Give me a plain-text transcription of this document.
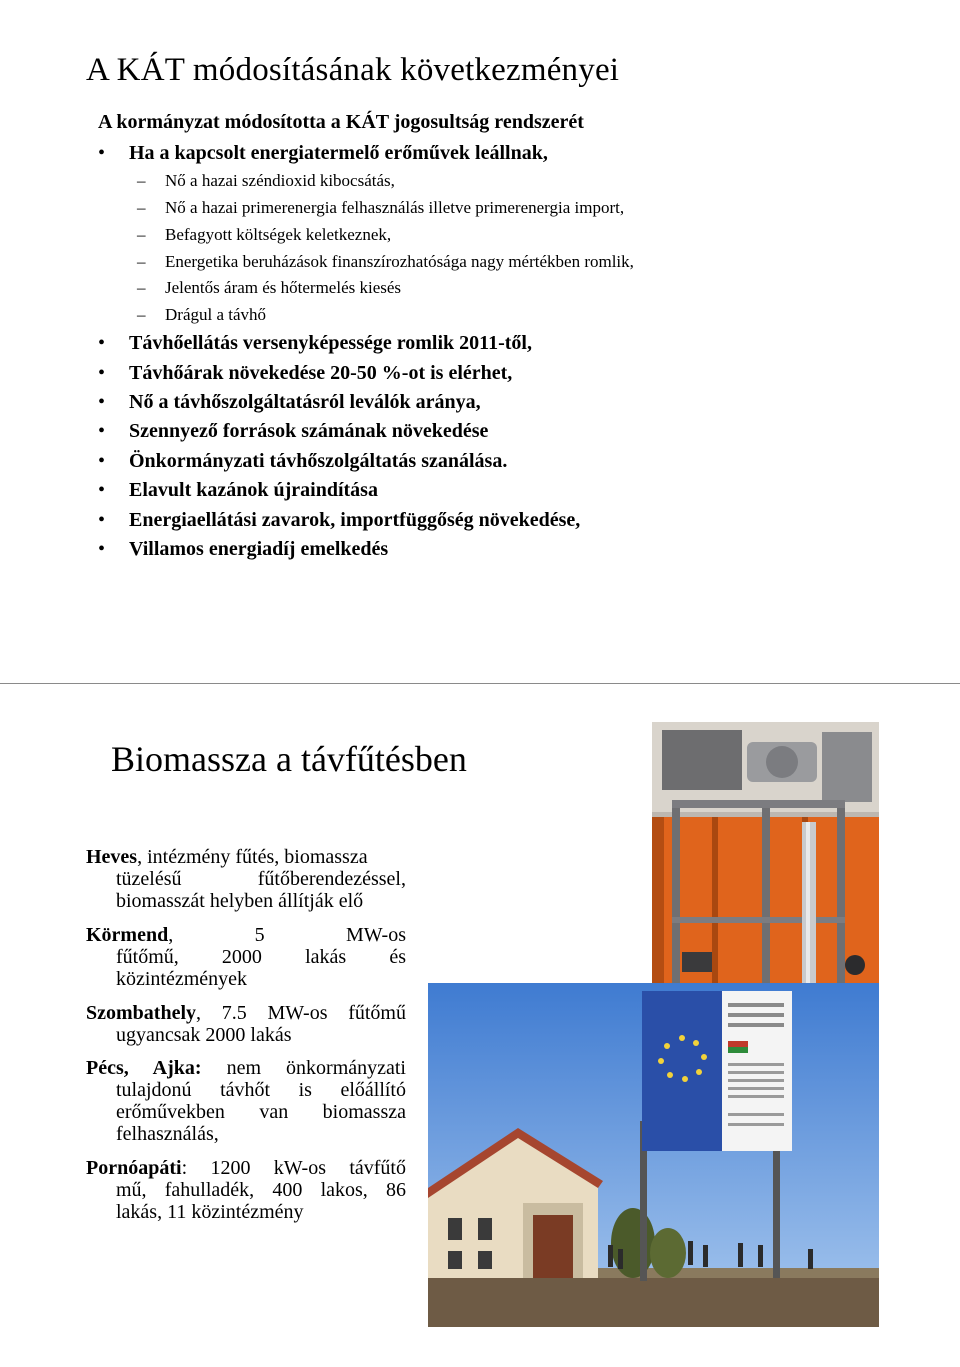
A KÁT módosításának következményei
A kormányzat módosította a KÁT jogosultság rendszerét
• Ha a kapcsolt energiatermelő erőművek leállnak,
– Nő a hazai széndioxid kibocsátás,
– Nő a hazai primerenergia felhasználás illetve primerenergia import,
– Befagyott költségek keletkeznek,
– Energetika beruházások finanszírozhatósága nagy mértékben romlik,
– Jelentős áram és hőtermelés kiesés
– Drágul a távhő
• Távhőellátás versenyképessége romlik 2011-től,
• Távhőárak növekedése 20-50 %-ot is elérhet,
• Nő a távhőszolgáltatásról leválók aránya,
• Szennyező források számának növekedése
• Önkormányzati távhőszolgáltatás szanálása.
• Elavult kazánok újraindítása
• Energiaellátási zavarok, importfüggőség növekedése,
• Villamos energiadíj emelkedés
Biomassza a távfűtésben
Heves, intézmény fűtés, biomassza
tüzelésű fűtőberendezéssel,
biomasszát helyben állítják elő
Körmend, 5 MW-os
fűtőmű, 2000 lakás és
közintézmények
Szombathely, 7.5 MW-os fűtőmű
ugyancsak 2000 lakás
Pécs, Ajka: nem önkormányzati
tulajdonú távhőt is előállító
erőművekben van biomassza
felhasználás,
Pornóapáti: 1200 kW-os távfűtő
mű, fahulladék, 400 lakos, 86
lakás, 11 közintézmény
